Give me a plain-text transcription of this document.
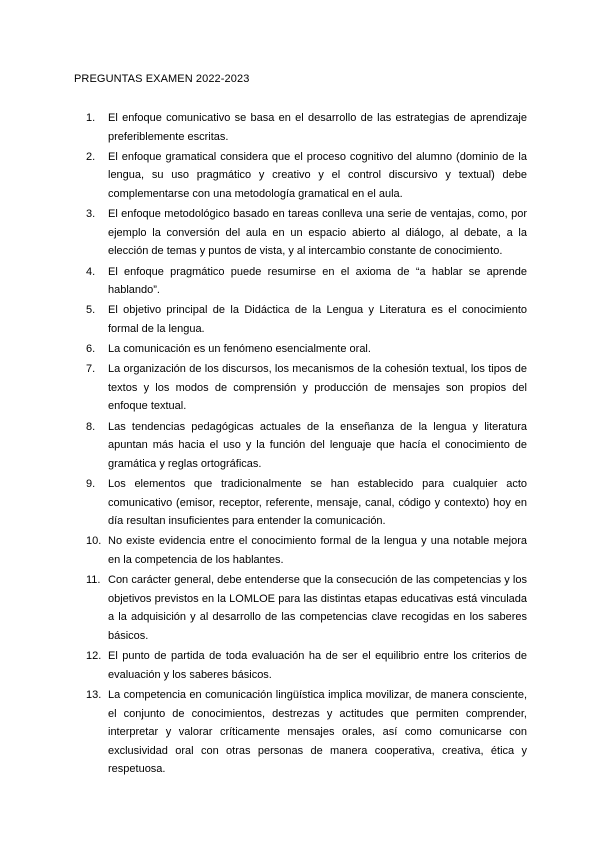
PREGUNTAS EXAMEN 2022-2023
1.	El enfoque comunicativo se basa en el desarrollo de las estrategias de aprendizaje preferiblemente escritas.
2.	El enfoque gramatical considera que el proceso cognitivo del alumno (dominio de la lengua, su uso pragmático y creativo y el control discursivo y textual) debe complementarse con una metodología gramatical en el aula.
3.	El enfoque metodológico basado en tareas conlleva una serie de ventajas, como, por ejemplo la conversión del aula en un espacio abierto al diálogo, al debate, a la elección de temas y puntos de vista, y al intercambio constante de conocimiento.
4.	El enfoque pragmático puede resumirse en el axioma de “a hablar se aprende hablando”.
5.	El objetivo principal de la Didáctica de la Lengua y Literatura es el conocimiento formal de la lengua.
6.	La comunicación es un fenómeno esencialmente oral.
7.	La organización de los discursos, los mecanismos de la cohesión textual, los tipos de textos y los modos de comprensión y producción de mensajes son propios del enfoque textual.
8.	Las tendencias pedagógicas actuales de la enseñanza de la lengua y literatura apuntan más hacia el uso y la función del lenguaje que hacía el conocimiento de gramática y reglas ortográficas.
9.	Los elementos que tradicionalmente se han establecido para cualquier acto comunicativo (emisor, receptor, referente, mensaje, canal, código y contexto) hoy en día resultan insuficientes para entender la comunicación.
10. No existe evidencia entre el conocimiento formal de la lengua y una notable mejora en la competencia de los hablantes.
11. Con carácter general, debe entenderse que la consecución de las competencias y los objetivos previstos en la LOMLOE para las distintas etapas educativas está vinculada a la adquisición y al desarrollo de las competencias clave recogidas en los saberes básicos.
12. El punto de partida de toda evaluación ha de ser el equilibrio entre los criterios de evaluación y los saberes básicos.
13. La competencia en comunicación lingüística implica movilizar, de manera consciente, el conjunto de conocimientos, destrezas y actitudes que permiten comprender, interpretar y valorar críticamente mensajes orales, así como comunicarse con exclusividad oral con otras personas de manera cooperativa, creativa, ética y respetuosa.
